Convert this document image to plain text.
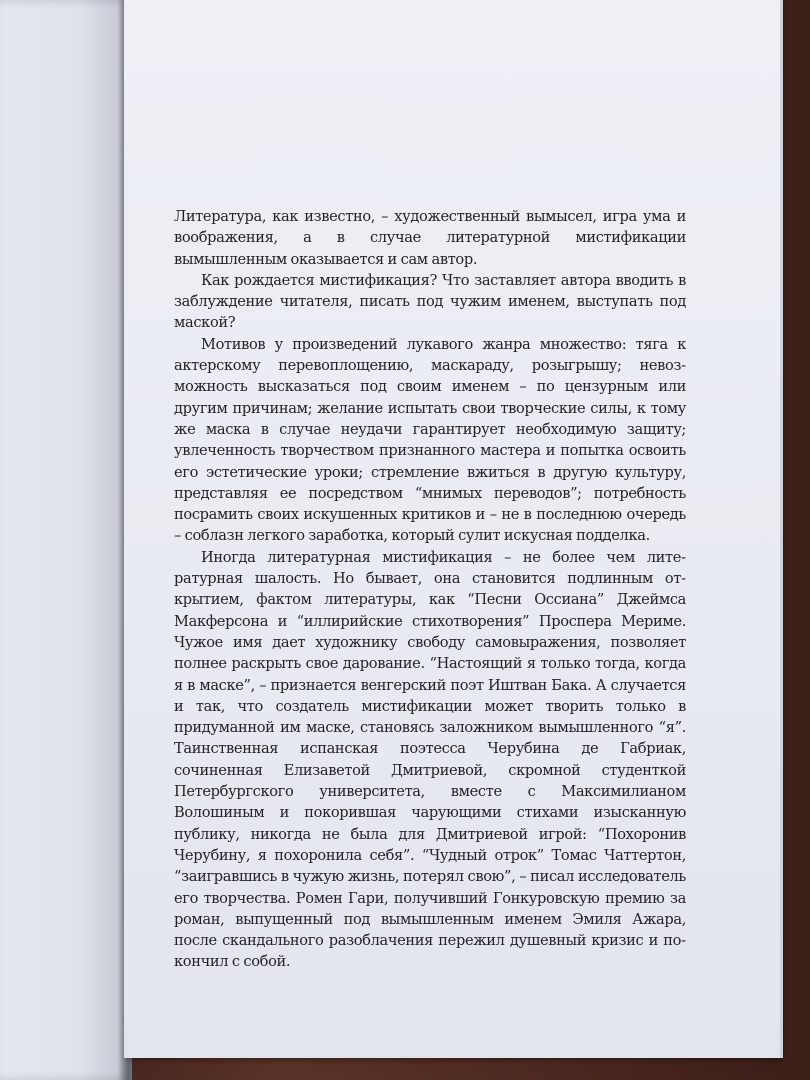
Литература, как известно, – художественный вымысел, игра ума и воображения, а в случае литературной мистификации вымышленным оказывается и сам автор.

Как рождается мистификация? Что заставляет автора вводить в заблуждение читателя, писать под чужим именем, выступать под маской?

Мотивов у произведений лукавого жанра множество: тяга к актерскому перевоплощению, маскараду, розыгрышу; невозможность высказаться под своим именем – по цензурным или другим причинам; желание испытать свои творческие силы, к тому же маска в случае неудачи гарантирует необходимую защиту; увлеченность творчеством признанного мастера и попытка освоить его эстетические уроки; стремление вжиться в другую культуру, представляя ее посредством “мнимых переводов”; потребность посрамить своих искушенных критиков и – не в последнюю очередь – соблазн легкого заработка, который сулит искусная подделка.

Иногда литературная мистификация – не более чем литературная шалость. Но бывает, она становится подлинным открытием, фактом литературы, как “Песни Оссиана” Джеймса Макферсона и “иллирийские стихотворения” Проспера Мериме. Чужое имя дает художнику свободу самовыражения, позволяет полнее раскрыть свое дарование. “Настоящий я только тогда, когда я в маске”, – признается венгерский поэт Иштван Бака. А случается и так, что создатель мистификации может творить только в придуманной им маске, становясь заложником вымышленного “я”. Таинственная испанская поэтесса Черубина де Габриак, сочиненная Елизаветой Дмитриевой, скромной студенткой Петербургского университета, вместе с Максимилианом Волошиным и покорившая чарующими стихами изысканную публику, никогда не была для Дмитриевой игрой: “Похоронив Черубину, я похоронила себя”. “Чудный отрок” Томас Чаттертон, “заигравшись в чужую жизнь, потерял свою”, – писал исследователь его творчества. Ромен Гари, получивший Гонкуровскую премию за роман, выпущенный под вымышленным именем Эмиля Ажара, после скандального разоблачения пережил душевный кризис и покончил с собой.
